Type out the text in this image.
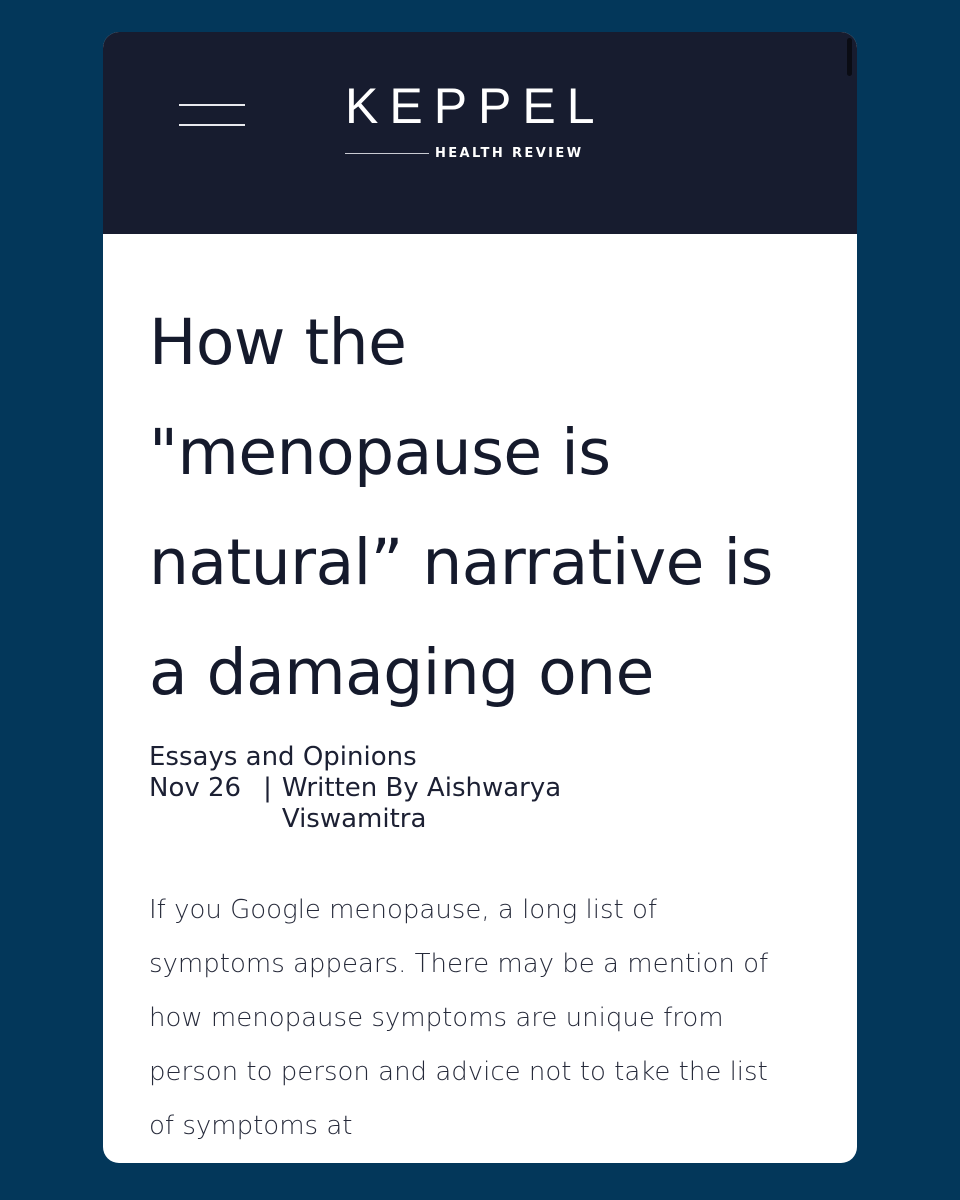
KEPPEL
HEALTH REVIEW
How the "menopause is natural” narrative is a damaging one
Essays and Opinions
Nov 26 | Written By Aishwarya Viswamitra

If you Google menopause, a long list of symptoms appears. There may be a mention of how menopause symptoms are unique from person to person and advice not to take the list of symptoms at
